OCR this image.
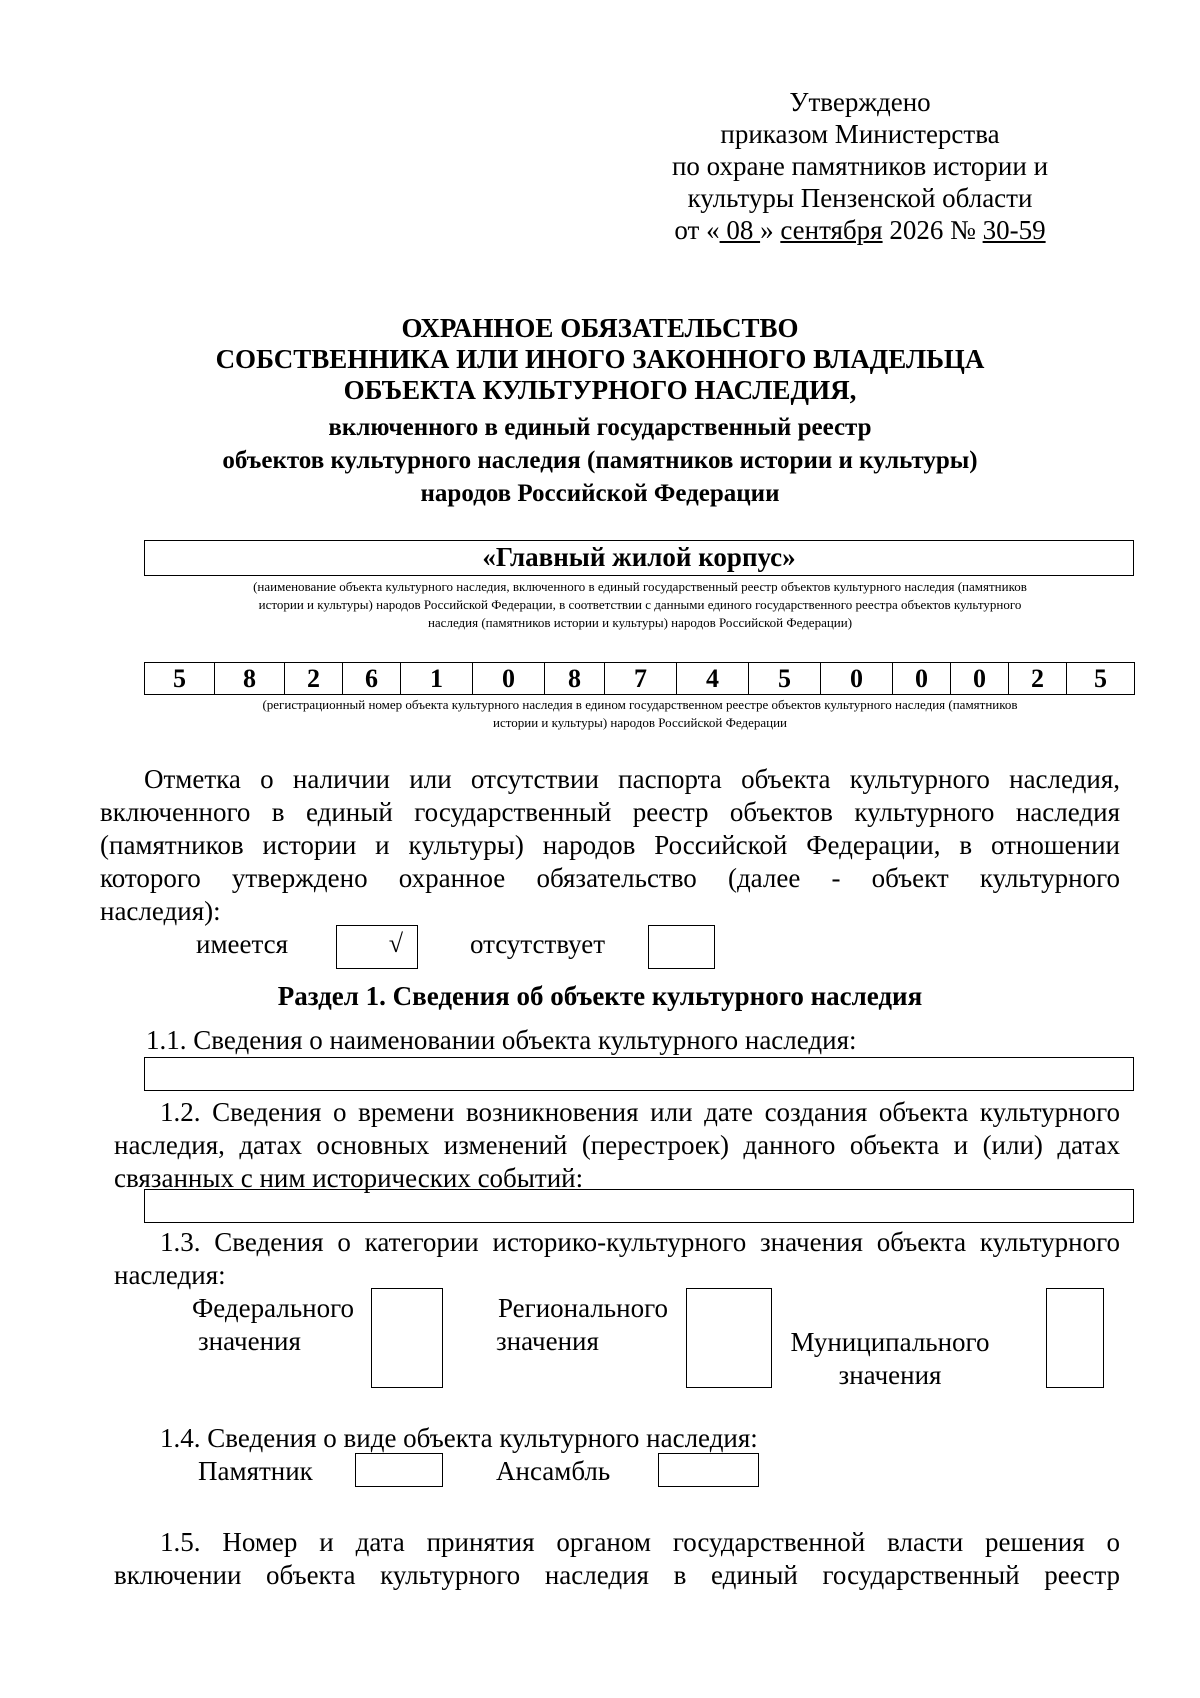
Утверждено
приказом Министерства
по охране памятников истории и
культуры Пензенской области
от « 08 » сентября 2026 № 30-59
ОХРАННОЕ ОБЯЗАТЕЛЬСТВО
СОБСТВЕННИКА ИЛИ ИНОГО ЗАКОННОГО ВЛАДЕЛЬЦА
ОБЪЕКТА КУЛЬТУРНОГО НАСЛЕДИЯ,
включенного в единый государственный реестр
объектов культурного наследия (памятников истории и культуры)
народов Российской Федерации
«Главный жилой корпус»
(наименование объекта культурного наследия, включенного в единый государственный реестр объектов культурного наследия (памятников
истории и культуры) народов Российской Федерации, в соответствии с данными единого государственного реестра объектов культурного
наследия (памятников истории и культуры) народов Российской Федерации)
5	8	2	6	1	0	8	7	4	5	0	0	0	2	5
(регистрационный номер объекта культурного наследия в едином государственном реестре объектов культурного наследия (памятников
истории и культуры) народов Российской Федерации
Отметка о наличии или отсутствии паспорта объекта культурного наследия,
включенного в единый государственный реестр объектов культурного наследия
(памятников истории и культуры) народов Российской Федерации, в отношении
которого утверждено охранное обязательство (далее - объект культурного
наследия):
имеется	√	отсутствует
Раздел 1. Сведения об объекте культурного наследия
1.1. Сведения о наименовании объекта культурного наследия:
1.2. Сведения о времени возникновения или дате создания объекта культурного
наследия, датах основных изменений (перестроек) данного объекта и (или) датах
связанных с ним исторических событий:
1.3. Сведения о категории историко-культурного значения объекта культурного
наследия:
Федерального
значения
Регионального
значения	Муниципального
значения
1.4. Сведения о виде объекта культурного наследия:
Памятник	Ансамбль
1.5. Номер и дата принятия органом государственной власти решения о
включении объекта культурного наследия в единый государственный реестр
